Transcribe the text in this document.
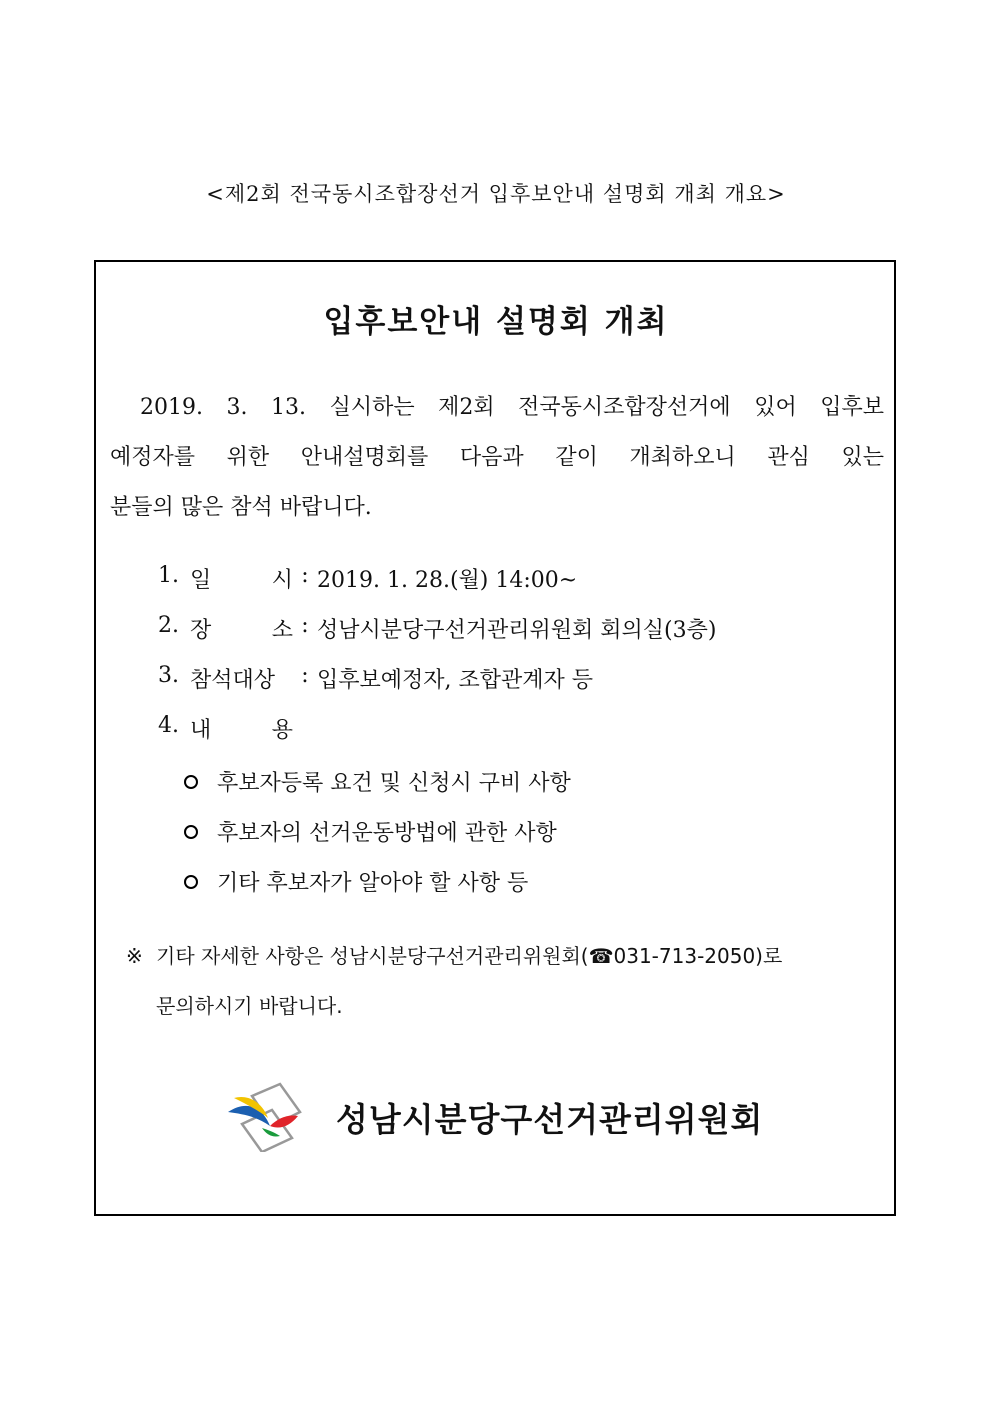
<제2회 전국동시조합장선거 입후보안내 설명회 개최 개요>
입후보안내 설명회 개최
2019. 3. 13. 실시하는 제2회 전국동시조합장선거에 있어 입후보
예정자를 위한 안내설명회를 다음과 같이 개최하오니 관심 있는
분들의 많은 참석 바랍니다.
1. 일	시 : 2019. 1. 28.(월) 14:00~
2. 장	소 : 성남시분당구선거관리위원회 회의실(3층)
3. 참석대상	: 입후보예정자, 조합관계자 등
4. 내	용
후보자등록 요건 및 신청시 구비 사항
후보자의 선거운동방법에 관한 사항
기타 후보자가 알아야 할 사항 등
※ 기타 자세한 사항은 성남시분당구선거관리위원회(☎031-713-2050)로
문의하시기 바랍니다.
성남시분당구선거관리위원회
